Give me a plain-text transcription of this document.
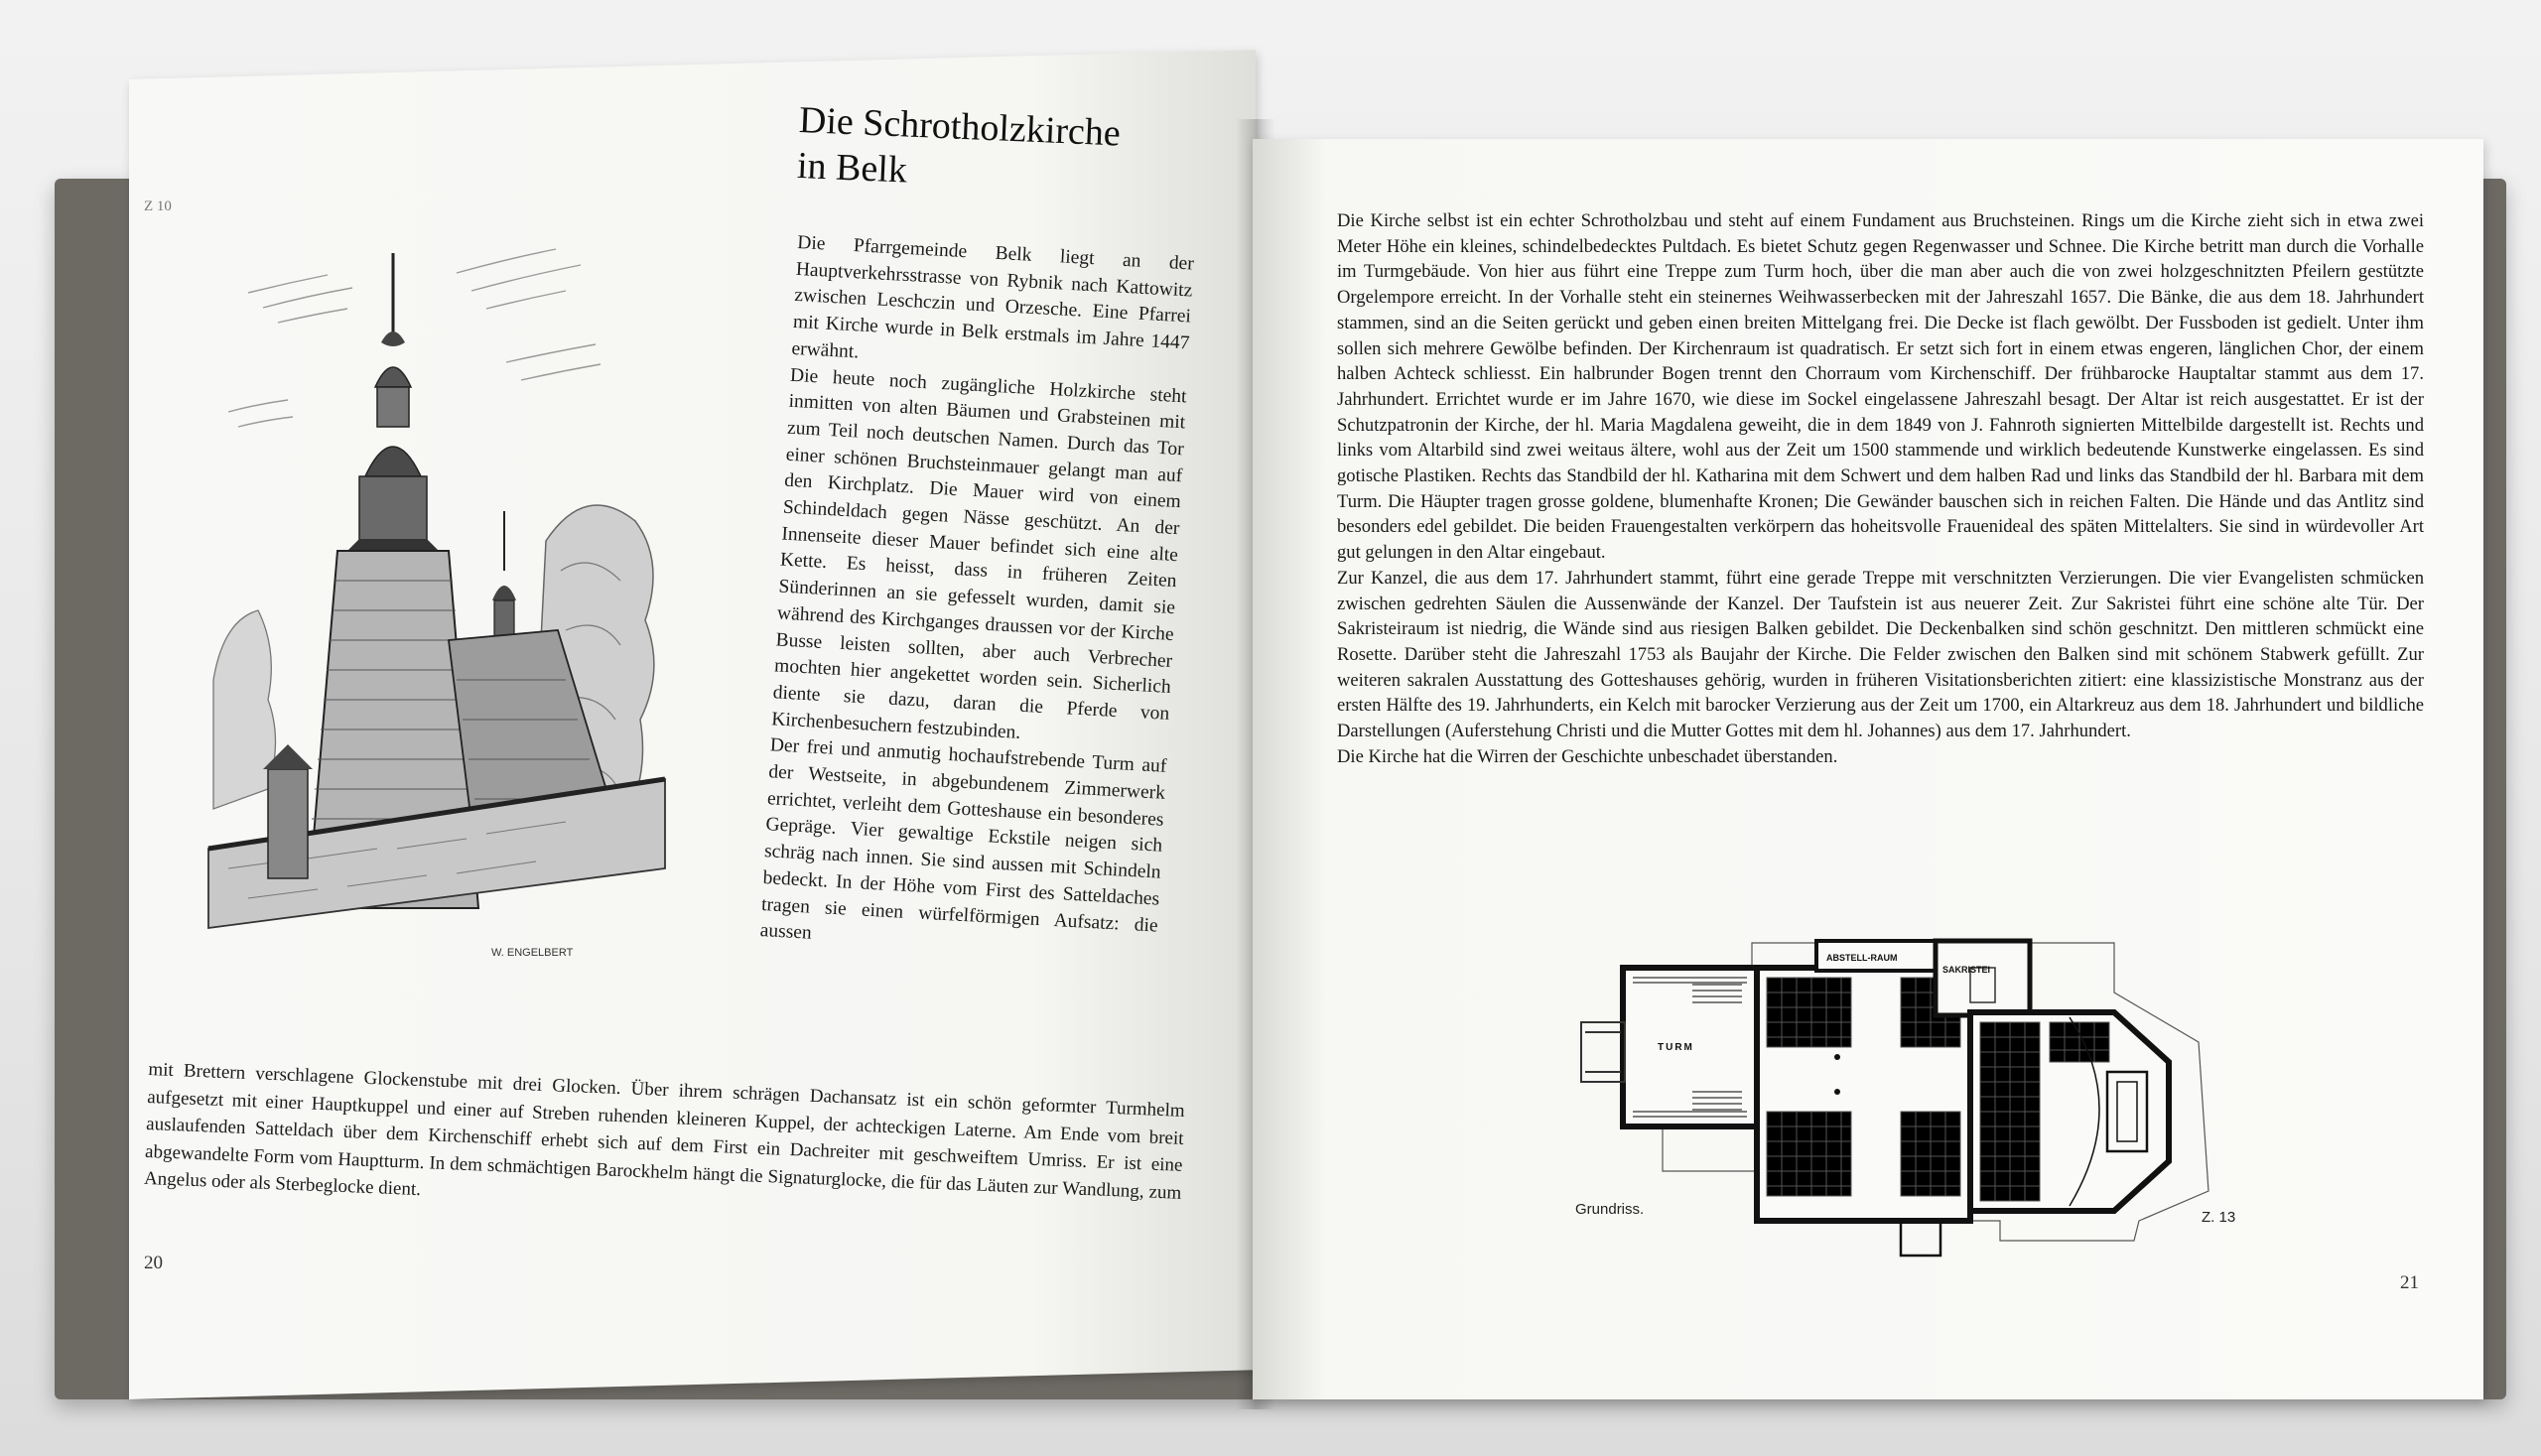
Z 10
Die Schrotholzkirche
in Belk

Die Pfarrgemeinde Belk liegt an der Hauptverkehrsstrasse von Rybnik nach Kattowitz zwischen Leschczin und Orzesche. Eine Pfarrei mit Kirche wurde in Belk erstmals im Jahre 1447 erwähnt.

Die heute noch zugängliche Holzkirche steht inmitten von alten Bäumen und Grabsteinen mit zum Teil noch deutschen Namen. Durch das Tor einer schönen Bruchsteinmauer gelangt man auf den Kirchplatz. Die Mauer wird von einem Schindeldach gegen Nässe geschützt. An der Innenseite dieser Mauer befindet sich eine alte Kette. Es heisst, dass in früheren Zeiten Sünderinnen an sie gefesselt wurden, damit sie während des Kirchganges draussen vor der Kirche Busse leisten sollten, aber auch Verbrecher mochten hier angekettet worden sein. Sicherlich diente sie dazu, daran die Pferde von Kirchenbesuchern festzubinden.

Der frei und anmutig hochaufstrebende Turm auf der Westseite, in abgebundenem Zimmerwerk errichtet, verleiht dem Gotteshause ein besonderes Gepräge. Vier gewaltige Eckstile neigen sich schräg nach innen. Sie sind aussen mit Schindeln bedeckt. In der Höhe vom First des Satteldaches tragen sie einen würfelförmigen Aufsatz: die aussen

W. ENGELBERT

mit Brettern verschlagene Glockenstube mit drei Glocken. Über ihrem schrägen Dachansatz ist ein schön geformter Turmhelm aufgesetzt mit einer Hauptkuppel und einer auf Streben ruhenden kleineren Kuppel, der achteckigen Laterne. Am Ende vom breit auslaufenden Satteldach über dem Kirchenschiff erhebt sich auf dem First ein Dachreiter mit geschweiftem Umriss. Er ist eine abgewandelte Form vom Hauptturm. In dem schmächtigen Barockhelm hängt die Signaturglocke, die für das Läuten zur Wandlung, zum Angelus oder als Sterbeglocke dient.

20

Die Kirche selbst ist ein echter Schrotholzbau und steht auf einem Fundament aus Bruchsteinen. Rings um die Kirche zieht sich in etwa zwei Meter Höhe ein kleines, schindelbedecktes Pultdach. Es bietet Schutz gegen Regenwasser und Schnee. Die Kirche betritt man durch die Vorhalle im Turmgebäude. Von hier aus führt eine Treppe zum Turm hoch, über die man aber auch die von zwei holzgeschnitzten Pfeilern gestützte Orgelempore erreicht. In der Vorhalle steht ein steinernes Weihwasserbecken mit der Jahreszahl 1657. Die Bänke, die aus dem 18. Jahrhundert stammen, sind an die Seiten gerückt und geben einen breiten Mittelgang frei. Die Decke ist flach gewölbt. Der Fussboden ist gedielt. Unter ihm sollen sich mehrere Gewölbe befinden. Der Kirchenraum ist quadratisch. Er setzt sich fort in einem etwas engeren, länglichen Chor, der einem halben Achteck schliesst. Ein halbrunder Bogen trennt den Chorraum vom Kirchenschiff. Der frühbarocke Hauptaltar stammt aus dem 17. Jahrhundert. Errichtet wurde er im Jahre 1670, wie diese im Sockel eingelassene Jahreszahl besagt. Der Altar ist reich ausgestattet. Er ist der Schutzpatronin der Kirche, der hl. Maria Magdalena geweiht, die in dem 1849 von J. Fahnroth signierten Mittelbilde dargestellt ist. Rechts und links vom Altarbild sind zwei weitaus ältere, wohl aus der Zeit um 1500 stammende und wirklich bedeutende Kunstwerke eingelassen. Es sind gotische Plastiken. Rechts das Standbild der hl. Katharina mit dem Schwert und dem halben Rad und links das Standbild der hl. Barbara mit dem Turm. Die Häupter tragen grosse goldene, blumenhafte Kronen; Die Gewänder bauschen sich in reichen Falten. Die Hände und das Antlitz sind besonders edel gebildet. Die beiden Frauengestalten verkörpern das hoheitsvolle Frauenideal des späten Mittelalters. Sie sind in würdevoller Art gut gelungen in den Altar eingebaut.

Zur Kanzel, die aus dem 17. Jahrhundert stammt, führt eine gerade Treppe mit verschnitzten Verzierungen. Die vier Evangelisten schmücken zwischen gedrehten Säulen die Aussenwände der Kanzel. Der Taufstein ist aus neuerer Zeit. Zur Sakristei führt eine schöne alte Tür. Der Sakristeiraum ist niedrig, die Wände sind aus riesigen Balken gebildet. Die Deckenbalken sind schön geschnitzt. Den mittleren schmückt eine Rosette. Darüber steht die Jahreszahl 1753 als Baujahr der Kirche. Die Felder zwischen den Balken sind mit schönem Stabwerk gefüllt. Zur weiteren sakralen Ausstattung des Gotteshauses gehörig, wurden in früheren Visitationsberichten zitiert: eine klassizistische Monstranz aus der ersten Hälfte des 19. Jahrhunderts, ein Kelch mit barocker Verzierung aus der Zeit um 1700, ein Altarkreuz aus dem 18. Jahrhundert und bildliche Darstellungen (Auferstehung Christi und die Mutter Gottes mit dem hl. Johannes) aus dem 17. Jahrhundert.

Die Kirche hat die Wirren der Geschichte unbeschadet überstanden.

TURM
ABSTELL-RAUM
SAKRISTEI
Grundriss.	Z. 13
21
